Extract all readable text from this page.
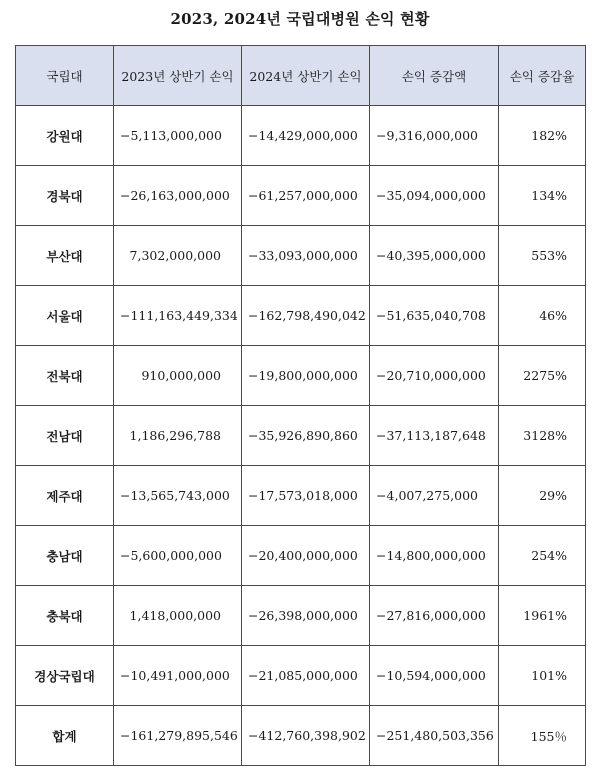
2023, 2024년 국립대병원 손익 현황
국립대	2023년 상반기 손익	2024년 상반기 손익	손익 증감액	손익 증감율
강원대	−5,113,000,000	−14,429,000,000	−9,316,000,000	182%
경북대	−26,163,000,000	−61,257,000,000	−35,094,000,000	134%
부산대	7,302,000,000	−33,093,000,000	−40,395,000,000	553%
서울대	−111,163,449,334	−162,798,490,042	−51,635,040,708	46%
전북대	910,000,000	−19,800,000,000	−20,710,000,000	2275%
전남대	1,186,296,788	−35,926,890,860	−37,113,187,648	3128%
제주대	−13,565,743,000	−17,573,018,000	−4,007,275,000	29%
충남대	−5,600,000,000	−20,400,000,000	−14,800,000,000	254%
충북대	1,418,000,000	−26,398,000,000	−27,816,000,000	1961%
경상국립대	−10,491,000,000	−21,085,000,000	−10,594,000,000	101%
합계	−161,279,895,546	−412,760,398,902	−251,480,503,356	155％
